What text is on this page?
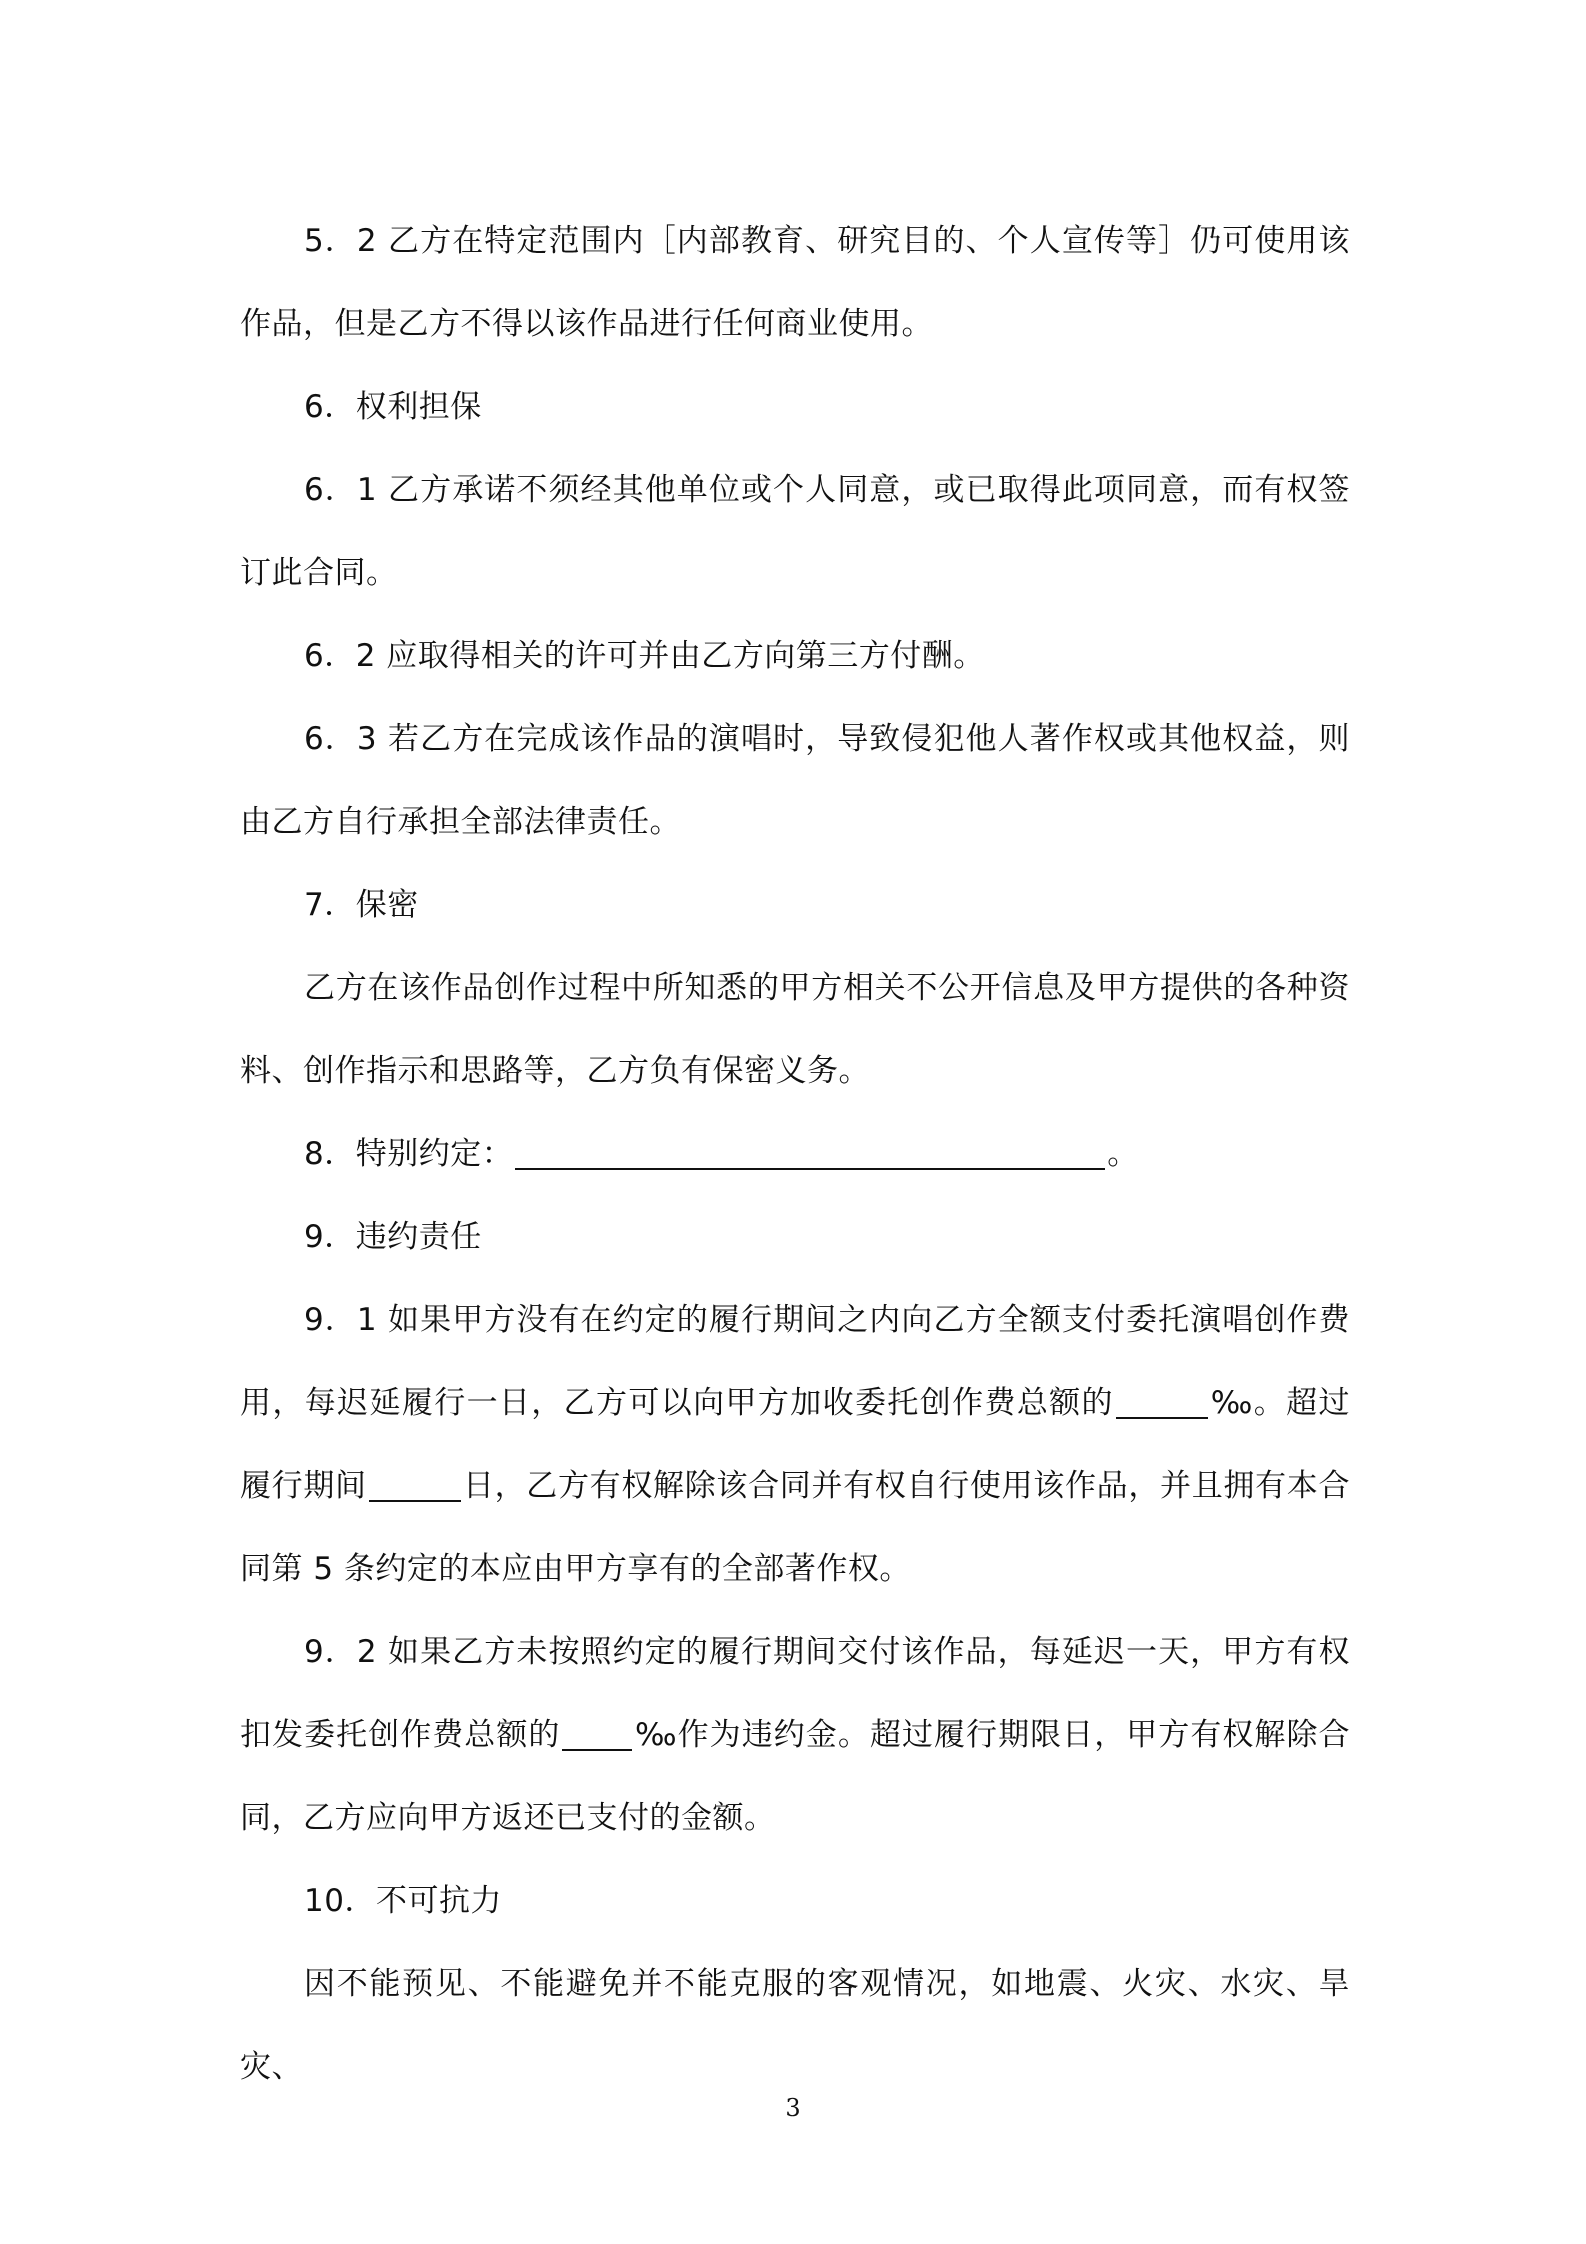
5．2 乙方在特定范围内［内部教育、研究目的、个人宣传等］仍可使用该作品，但是乙方不得以该作品进行任何商业使用。

6．权利担保

6．1 乙方承诺不须经其他单位或个人同意，或已取得此项同意，而有权签订此合同。

6．2 应取得相关的许可并由乙方向第三方付酬。

6．3 若乙方在完成该作品的演唱时，导致侵犯他人著作权或其他权益，则由乙方自行承担全部法律责任。

7．保密

乙方在该作品创作过程中所知悉的甲方相关不公开信息及甲方提供的各种资料、创作指示和思路等，乙方负有保密义务。

8．特别约定：	。

9．违约责任

9．1 如果甲方没有在约定的履行期间之内向乙方全额支付委托演唱创作费用，每迟延履行一日，乙方可以向甲方加收委托创作费总额的	‰。超过履行期间	日，乙方有权解除该合同并有权自行使用该作品，并且拥有本合同第 5 条约定的本应由甲方享有的全部著作权。

9．2 如果乙方未按照约定的履行期间交付该作品，每延迟一天，甲方有权扣发委托创作费总额的 ‰作为违约金。超过履行期限日，甲方有权解除合同，乙方应向甲方返还已支付的金额。

10．不可抗力

因不能预见、不能避免并不能克服的客观情况，如地震、火灾、水灾、旱灾、

3
